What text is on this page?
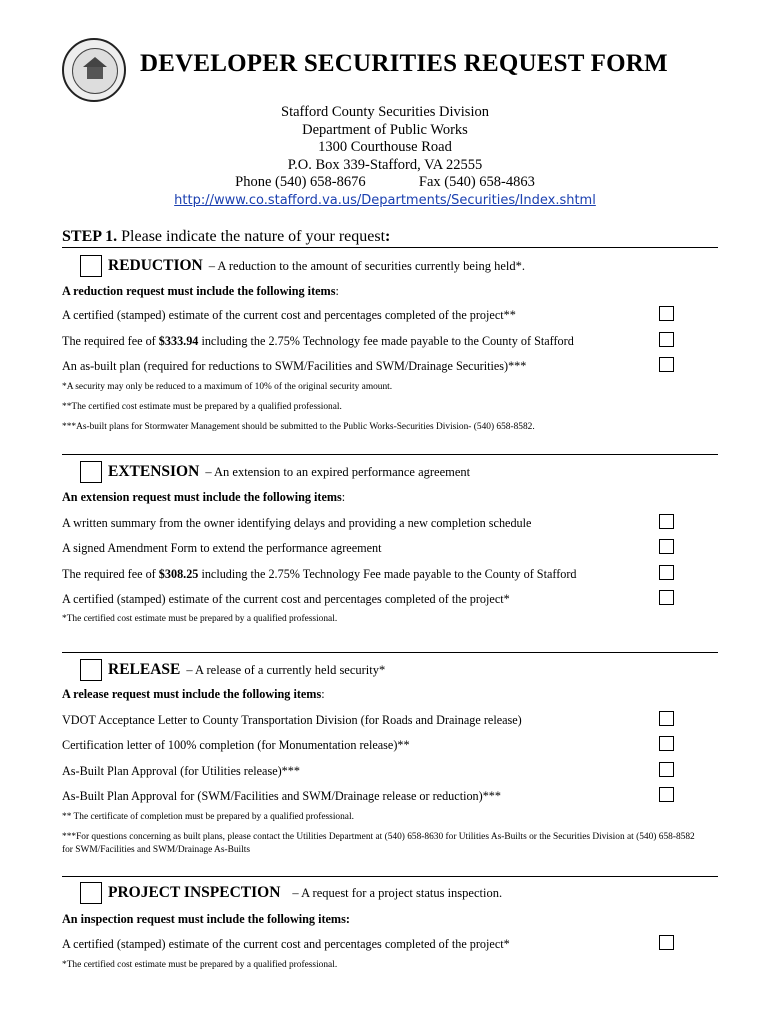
DEVELOPER SECURITIES REQUEST FORM
Stafford County Securities Division
Department of Public Works
1300 Courthouse Road
P.O. Box 339-Stafford, VA 22555
Phone (540) 658-8676	Fax (540) 658-4863
http://www.co.stafford.va.us/Departments/Securities/Index.shtml
STEP 1. Please indicate the nature of your request:
REDUCTION – A reduction to the amount of securities currently being held*.
A reduction request must include the following items:
A certified (stamped) estimate of the current cost and percentages completed of the project**
The required fee of $333.94 including the 2.75% Technology fee made payable to the County of Stafford
An as-built plan (required for reductions to SWM/Facilities and SWM/Drainage Securities)***
*A security may only be reduced to a maximum of 10% of the original security amount.
**The certified cost estimate must be prepared by a qualified professional.
***As-built plans for Stormwater Management should be submitted to the Public Works-Securities Division- (540) 658-8582.
EXTENSION – An extension to an expired performance agreement
An extension request must include the following items:
A written summary from the owner identifying delays and providing a new completion schedule
A signed Amendment Form to extend the performance agreement
The required fee of $308.25 including the 2.75% Technology Fee made payable to the County of Stafford
A certified (stamped) estimate of the current cost and percentages completed of the project*
*The certified cost estimate must be prepared by a qualified professional.
RELEASE – A release of a currently held security*
A release request must include the following items:
VDOT Acceptance Letter to County Transportation Division (for Roads and Drainage release)
Certification letter of 100% completion (for Monumentation release)**
As-Built Plan Approval (for Utilities release)***
As-Built Plan Approval for (SWM/Facilities and SWM/Drainage release or reduction)***
** The certificate of completion must be prepared by a qualified professional.
***For questions concerning as built plans, please contact the Utilities Department at (540) 658-8630 for Utilities As-Builts or the Securities Division at (540) 658-8582 for SWM/Facilities and SWM/Drainage As-Builts
PROJECT INSPECTION – A request for a project status inspection.
An inspection request must include the following items:
A certified (stamped) estimate of the current cost and percentages completed of the project*
*The certified cost estimate must be prepared by a qualified professional.
